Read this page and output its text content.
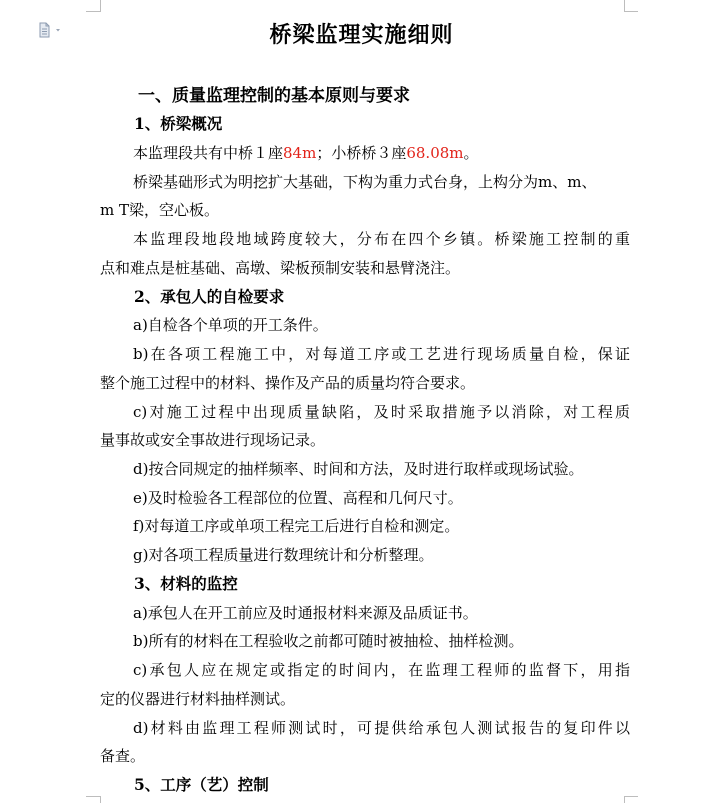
桥梁监理实施细则
一、质量监理控制的基本原则与要求
1、桥梁概况
本监理段共有中桥１座84m；小桥桥３座68.08m。
桥梁基础形式为明挖扩大基础，下构为重力式台身，上构分为m、m、
m T梁，空心板。
本监理段地段地域跨度较大，分布在四个乡镇。桥梁施工控制的重
点和难点是桩基础、高墩、梁板预制安装和悬臂浇注。
2、承包人的自检要求
a)自检各个单项的开工条件。
b)在各项工程施工中，对每道工序或工艺进行现场质量自检，保证
整个施工过程中的材料、操作及产品的质量均符合要求。
c)对施工过程中出现质量缺陷，及时采取措施予以消除，对工程质
量事故或安全事故进行现场记录。
d)按合同规定的抽样频率、时间和方法，及时进行取样或现场试验。
e)及时检验各工程部位的位置、高程和几何尺寸。
f)对每道工序或单项工程完工后进行自检和测定。
g)对各项工程质量进行数理统计和分析整理。
3、材料的监控
a)承包人在开工前应及时通报材料来源及品质证书。
b)所有的材料在工程验收之前都可随时被抽检、抽样检测。
c)承包人应在规定或指定的时间内，在监理工程师的监督下，用指
定的仪器进行材料抽样测试。
d)材料由监理工程师测试时，可提供给承包人测试报告的复印件以
备查。
5、工序（艺）控制
